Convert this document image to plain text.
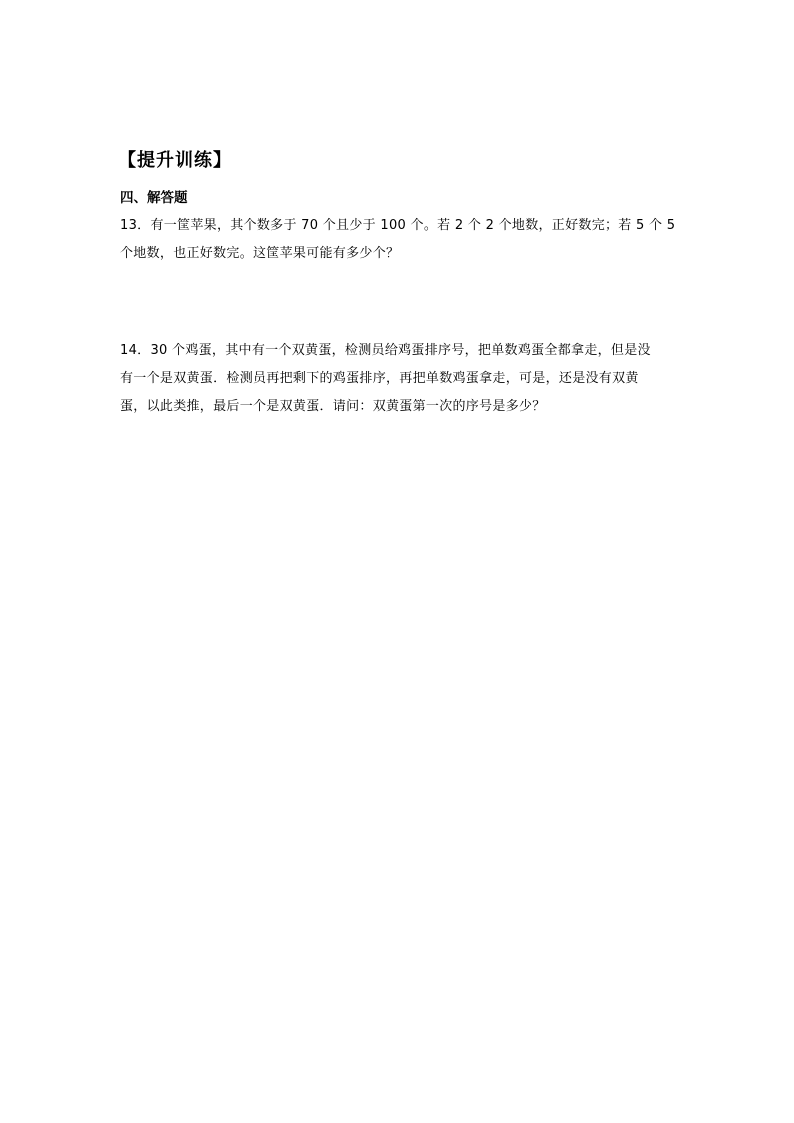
【提升训练】
四、解答题
13．有一筐苹果，其个数多于 70 个且少于 100 个。若 2 个 2 个地数，正好数完；若 5 个 5
个地数，也正好数完。这筐苹果可能有多少个？
14．30 个鸡蛋，其中有一个双黄蛋，检测员给鸡蛋排序号，把单数鸡蛋全都拿走，但是没
有一个是双黄蛋．检测员再把剩下的鸡蛋排序，再把单数鸡蛋拿走，可是，还是没有双黄
蛋，以此类推，最后一个是双黄蛋．请问：双黄蛋第一次的序号是多少？
